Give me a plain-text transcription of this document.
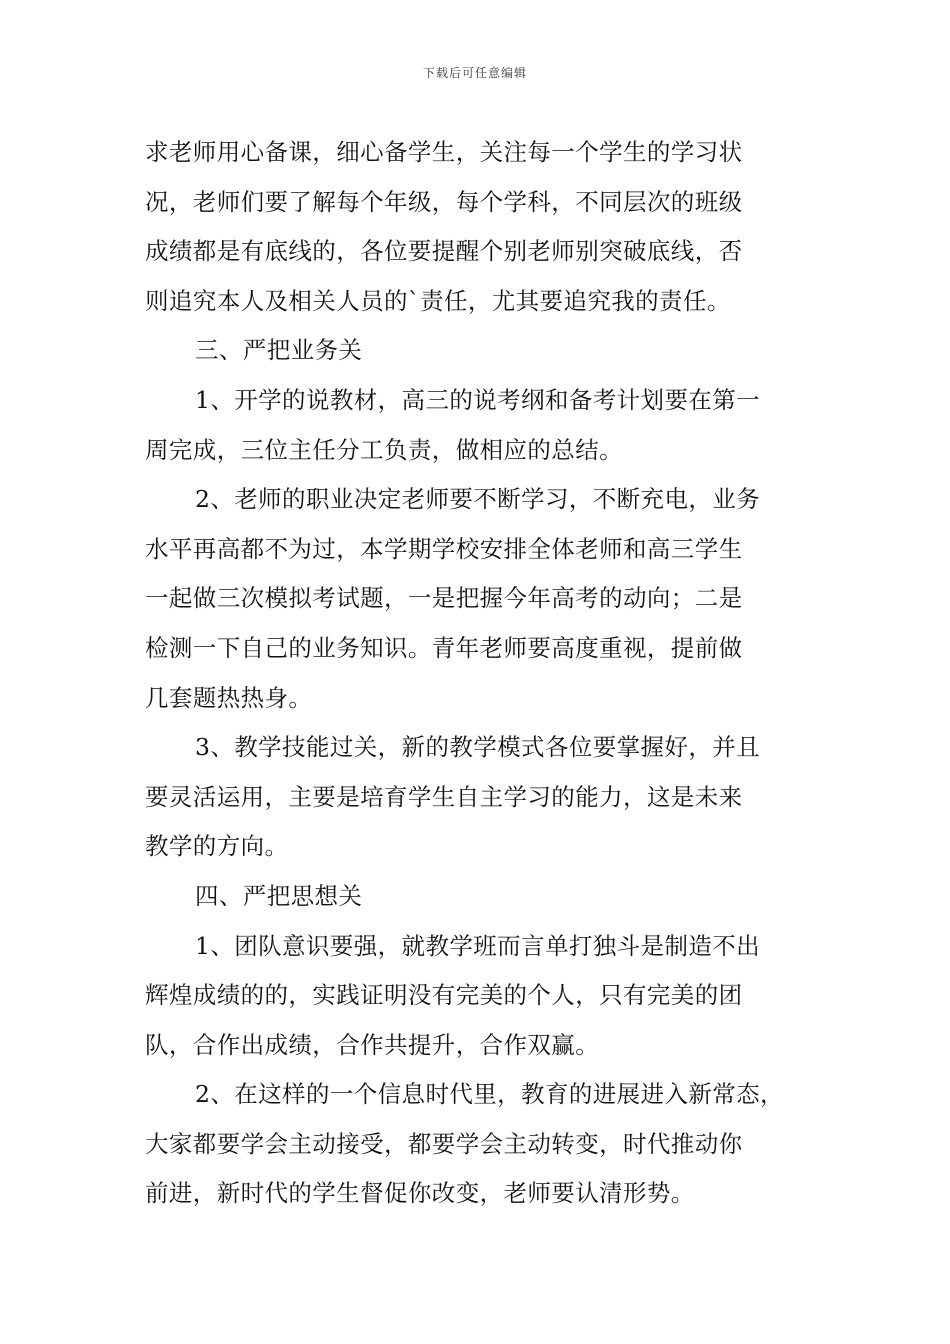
下载后可任意编辑
求老师用心备课，细心备学生，关注每一个学生的学习状
况，老师们要了解每个年级，每个学科，不同层次的班级
成绩都是有底线的，各位要提醒个别老师别突破底线，否
则追究本人及相关人员的`责任，尤其要追究我的责任。
三、严把业务关
1、开学的说教材，高三的说考纲和备考计划要在第一
周完成，三位主任分工负责，做相应的总结。
2、老师的职业决定老师要不断学习，不断充电，业务
水平再高都不为过，本学期学校安排全体老师和高三学生
一起做三次模拟考试题，一是把握今年高考的动向；二是
检测一下自己的业务知识。青年老师要高度重视，提前做
几套题热热身。
3、教学技能过关，新的教学模式各位要掌握好，并且
要灵活运用，主要是培育学生自主学习的能力，这是未来
教学的方向。
四、严把思想关
1、团队意识要强，就教学班而言单打独斗是制造不出
辉煌成绩的的，实践证明没有完美的个人，只有完美的团
队，合作出成绩，合作共提升，合作双赢。
2、在这样的一个信息时代里，教育的进展进入新常态，
大家都要学会主动接受，都要学会主动转变，时代推动你
前进，新时代的学生督促你改变，老师要认清形势。
